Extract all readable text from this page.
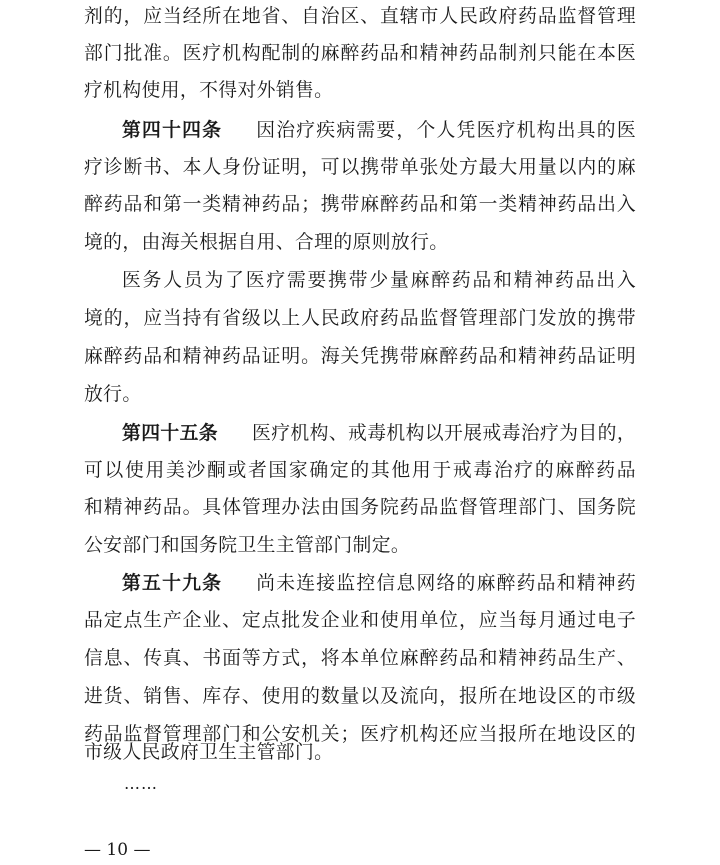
剂的，应当经所在地省、自治区、直辖市人民政府药品监督管理
部门批准。医疗机构配制的麻醉药品和精神药品制剂只能在本医
疗机构使用，不得对外销售。
第四十四条 因治疗疾病需要，个人凭医疗机构出具的医
疗诊断书、本人身份证明，可以携带单张处方最大用量以内的麻
醉药品和第一类精神药品；携带麻醉药品和第一类精神药品出入
境的，由海关根据自用、合理的原则放行。
医务人员为了医疗需要携带少量麻醉药品和精神药品出入
境的，应当持有省级以上人民政府药品监督管理部门发放的携带
麻醉药品和精神药品证明。海关凭携带麻醉药品和精神药品证明
放行。
第四十五条 医疗机构、戒毒机构以开展戒毒治疗为目的，
可以使用美沙酮或者国家确定的其他用于戒毒治疗的麻醉药品
和精神药品。具体管理办法由国务院药品监督管理部门、国务院
公安部门和国务院卫生主管部门制定。
第五十九条 尚未连接监控信息网络的麻醉药品和精神药
品定点生产企业、定点批发企业和使用单位，应当每月通过电子
信息、传真、书面等方式，将本单位麻醉药品和精神药品生产、
进货、销售、库存、使用的数量以及流向，报所在地设区的市级
药品监督管理部门和公安机关；医疗机构还应当报所在地设区的
市级人民政府卫生主管部门。
……
— 10 —
